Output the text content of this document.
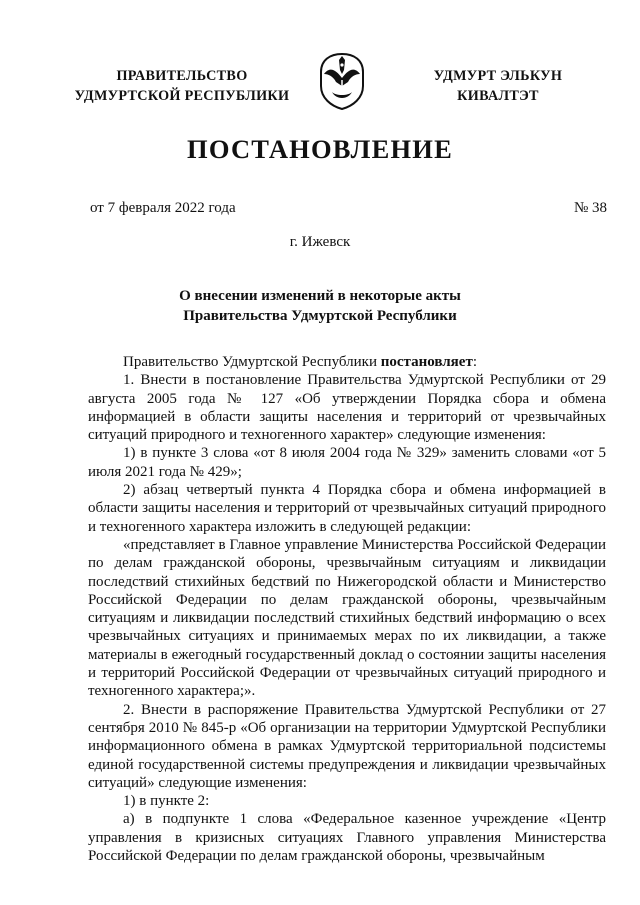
ПРАВИТЕЛЬСТВО
УДМУРТСКОЙ РЕСПУБЛИКИ
УДМУРТ ЭЛЬКУН
КИВАЛТЭТ
ПОСТАНОВЛЕНИЕ
от 7 февраля 2022 года	№ 38
г. Ижевск
О внесении изменений в некоторые акты
Правительства Удмуртской Республики

Правительство Удмуртской Республики постановляет:

1. Внести в постановление Правительства Удмуртской Республики от 29 августа 2005 года № 127 «Об утверждении Порядка сбора и обмена информацией в области защиты населения и территорий от чрезвычайных ситуаций природного и техногенного характер» следующие изменения:

1) в пункте 3 слова «от 8 июля 2004 года № 329» заменить словами «от 5 июля 2021 года № 429»;

2) абзац четвертый пункта 4 Порядка сбора и обмена информацией в области защиты населения и территорий от чрезвычайных ситуаций природного и техногенного характера изложить в следующей редакции:

«представляет в Главное управление Министерства Российской Федерации по делам гражданской обороны, чрезвычайным ситуациям и ликвидации последствий стихийных бедствий по Нижегородской области и Министерство Российской Федерации по делам гражданской обороны, чрезвычайным ситуациям и ликвидации последствий стихийных бедствий информацию о всех чрезвычайных ситуациях и принимаемых мерах по их ликвидации, а также материалы в ежегодный государственный доклад о состоянии защиты населения и территорий Российской Федерации от чрезвычайных ситуаций природного и техногенного характера;».

2. Внести в распоряжение Правительства Удмуртской Республики от 27 сентября 2010 № 845-р «Об организации на территории Удмуртской Республики информационного обмена в рамках Удмуртской территориальной подсистемы единой государственной системы предупреждения и ликвидации чрезвычайных ситуаций» следующие изменения:

1) в пункте 2:

а) в подпункте 1 слова «Федеральное казенное учреждение «Центр управления в кризисных ситуациях Главного управления Министерства Российской Федерации по делам гражданской обороны, чрезвычайным
